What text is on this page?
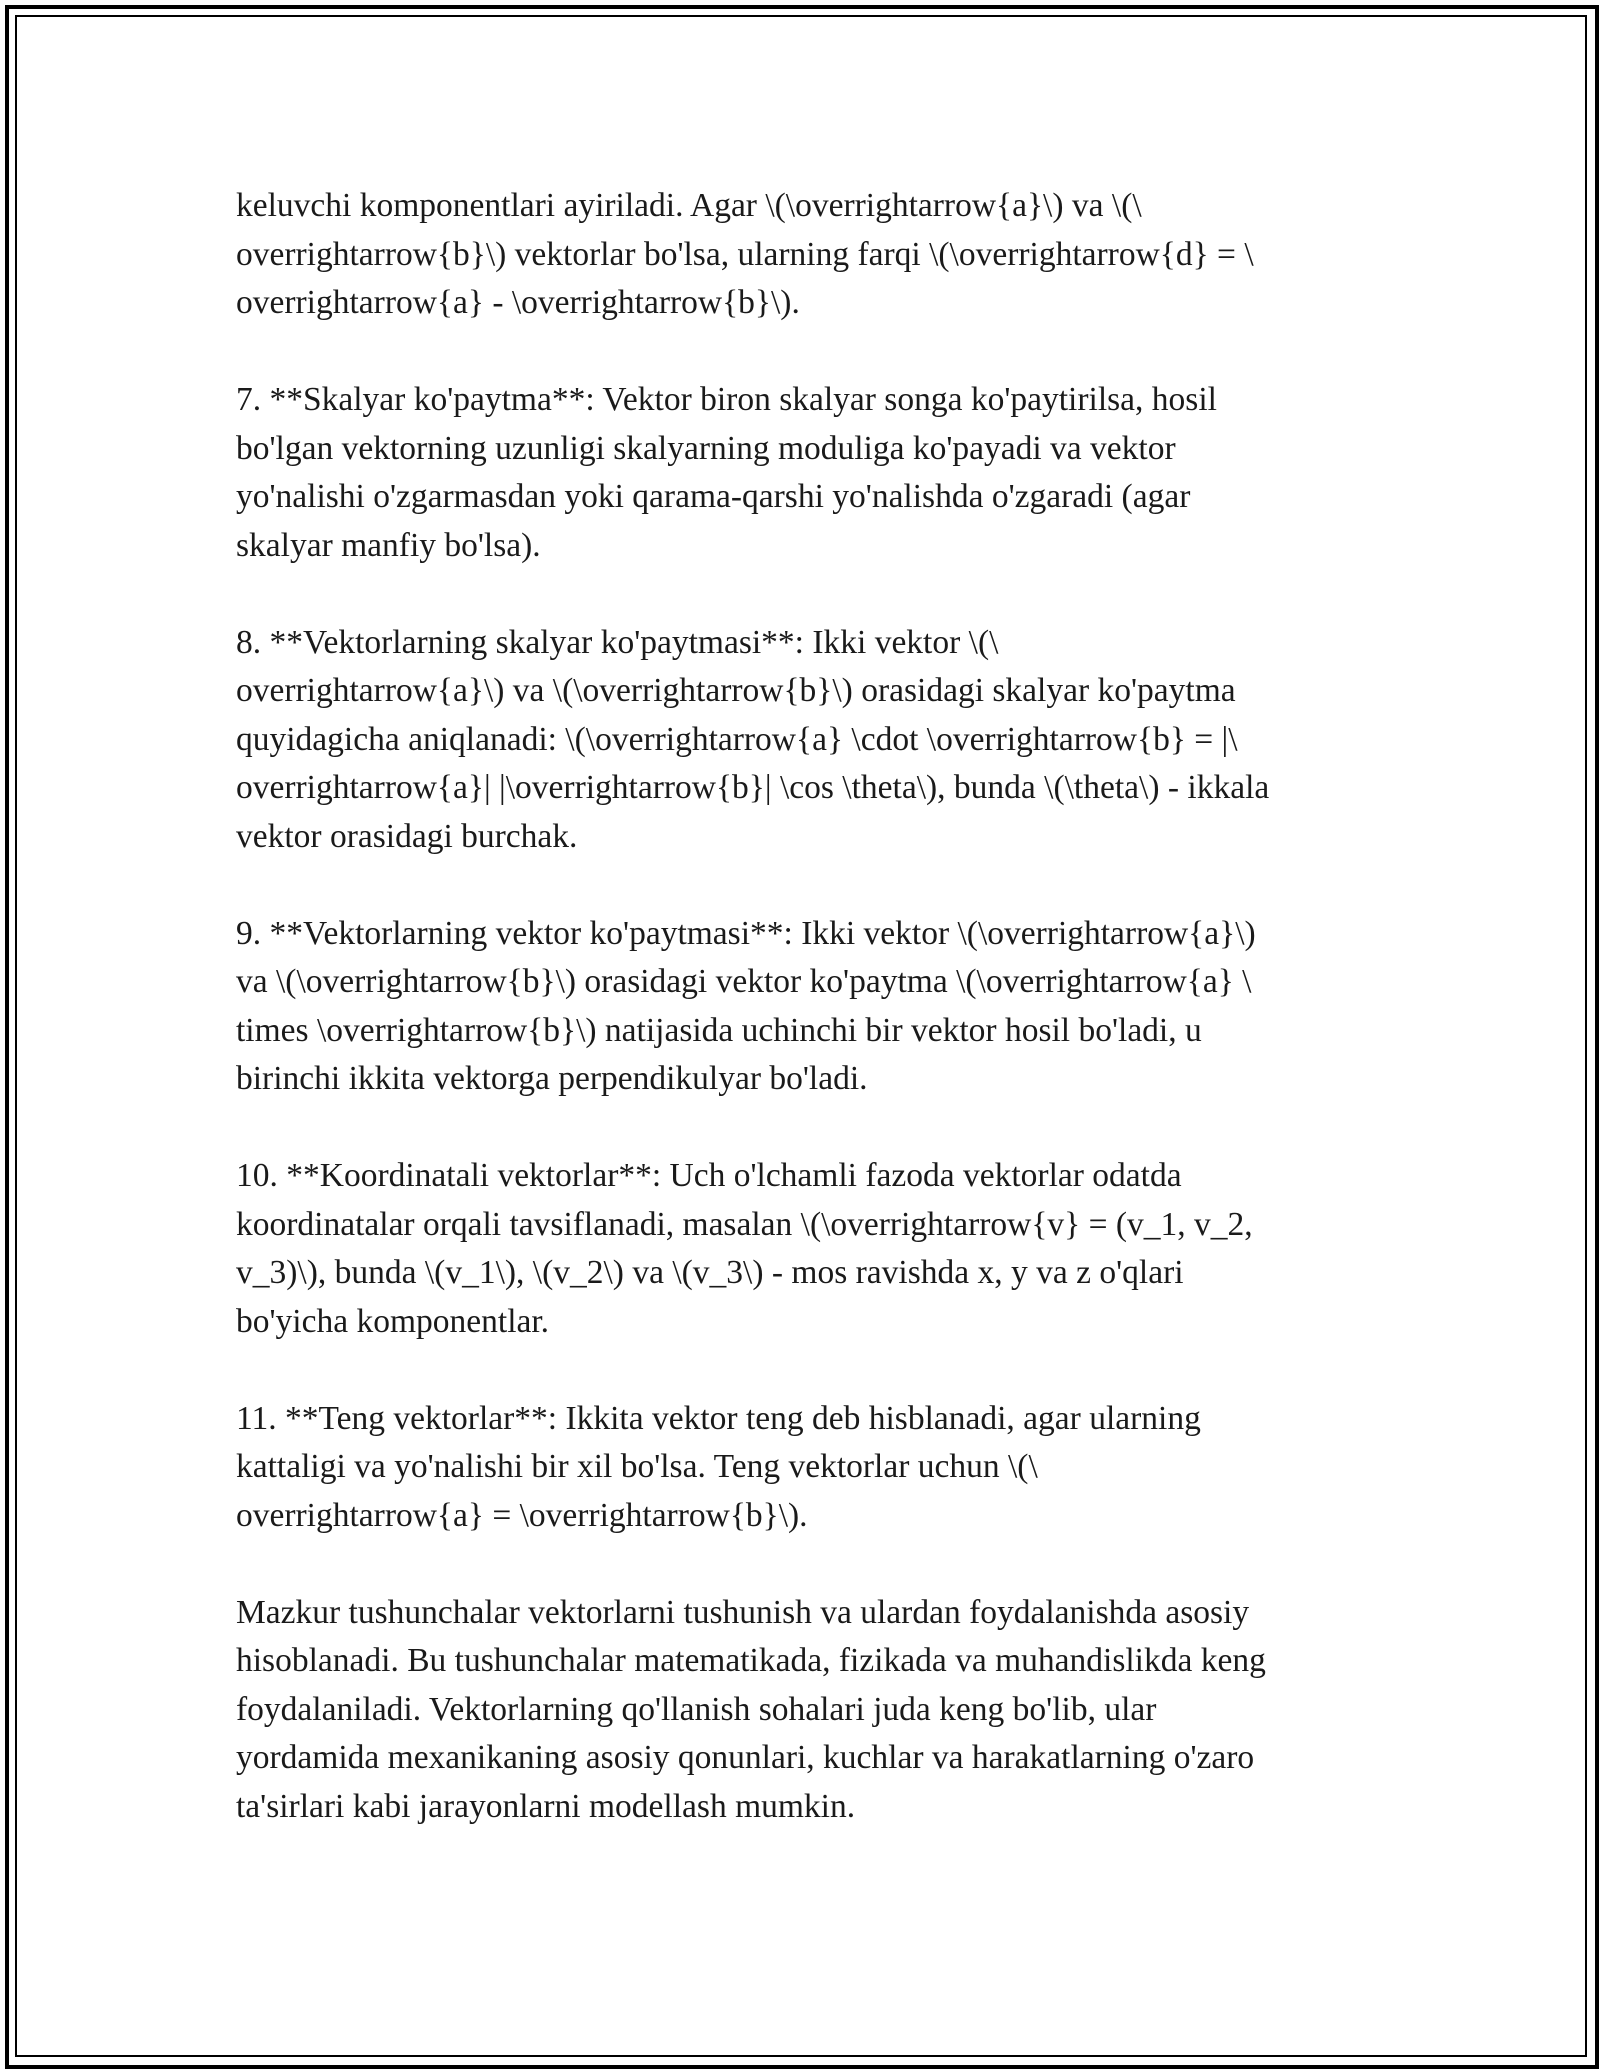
keluvchi komponentlari ayiriladi. Agar \(\overrightarrow{a}\) va \(\
overrightarrow{b}\) vektorlar bo'lsa, ularning farqi \(\overrightarrow{d} = \
overrightarrow{a} - \overrightarrow{b}\).

7. **Skalyar ko'paytma**: Vektor biron skalyar songa ko'paytirilsa, hosil
bo'lgan vektorning uzunligi skalyarning moduliga ko'payadi va vektor
yo'nalishi o'zgarmasdan yoki qarama-qarshi yo'nalishda o'zgaradi (agar
skalyar manfiy bo'lsa).

8. **Vektorlarning skalyar ko'paytmasi**: Ikki vektor \(\
overrightarrow{a}\) va \(\overrightarrow{b}\) orasidagi skalyar ko'paytma
quyidagicha aniqlanadi: \(\overrightarrow{a} \cdot \overrightarrow{b} = |\
overrightarrow{a}| |\overrightarrow{b}| \cos \theta\), bunda \(\theta\) - ikkala
vektor orasidagi burchak.

9. **Vektorlarning vektor ko'paytmasi**: Ikki vektor \(\overrightarrow{a}\)
va \(\overrightarrow{b}\) orasidagi vektor ko'paytma \(\overrightarrow{a} \
times \overrightarrow{b}\) natijasida uchinchi bir vektor hosil bo'ladi, u
birinchi ikkita vektorga perpendikulyar bo'ladi.

10. **Koordinatali vektorlar**: Uch o'lchamli fazoda vektorlar odatda
koordinatalar orqali tavsiflanadi, masalan \(\overrightarrow{v} = (v_1, v_2,
v_3)\), bunda \(v_1\), \(v_2\) va \(v_3\) - mos ravishda x, y va z o'qlari
bo'yicha komponentlar.

11. **Teng vektorlar**: Ikkita vektor teng deb hisblanadi, agar ularning
kattaligi va yo'nalishi bir xil bo'lsa. Teng vektorlar uchun \(\
overrightarrow{a} = \overrightarrow{b}\).

Mazkur tushunchalar vektorlarni tushunish va ulardan foydalanishda asosiy
hisoblanadi. Bu tushunchalar matematikada, fizikada va muhandislikda keng
foydalaniladi. Vektorlarning qo'llanish sohalari juda keng bo'lib, ular
yordamida mexanikaning asosiy qonunlari, kuchlar va harakatlarning o'zaro
ta'sirlari kabi jarayonlarni modellash mumkin.
